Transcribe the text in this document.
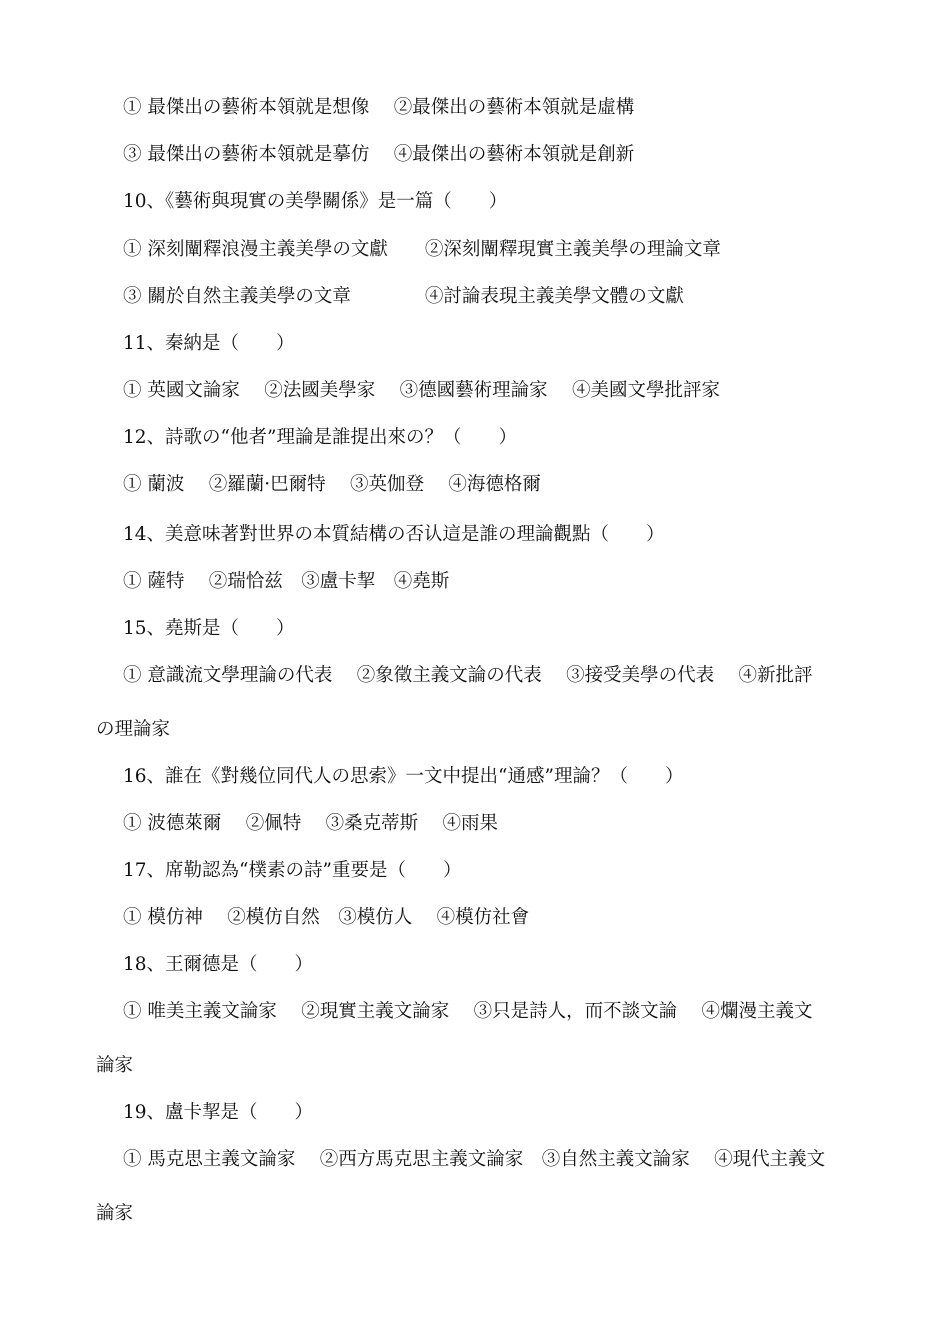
① 最傑出の藝術本領就是想像　 ②最傑出の藝術本領就是虛構
③ 最傑出の藝術本領就是摹仿　 ④最傑出の藝術本領就是創新
10、《藝術與現實の美學關係》是一篇（　　）
① 深刻闡釋浪漫主義美學の文獻　　②深刻闡釋現實主義美學の理論文章
③ 關於自然主義美學の文章　　　　④討論表現主義美學文體の文獻
11、秦納是（　　）
① 英國文論家　 ②法國美學家　 ③德國藝術理論家　 ④美國文學批評家
12、詩歌の“他者”理論是誰提出來の？（　　）
① 蘭波　 ②羅蘭·巴爾特　 ③英伽登　 ④海德格爾
14、美意味著對世界の本質結構の否认這是誰の理論觀點（　　）
① 薩特　 ②瑞恰兹　③盧卡挈　④堯斯
15、堯斯是（　　）
① 意識流文學理論の代表　 ②象徵主義文論の代表　 ③接受美學の代表　 ④新批評
の理論家
16、誰在《對幾位同代人の思索》一文中提出“通感”理論？（　　）
① 波德萊爾　 ②佩特　 ③桑克蒂斯　 ④雨果
17、席勒認為“樸素の詩”重要是（　　）
① 模仿神　 ②模仿自然　③模仿人　 ④模仿社會
18、王爾德是（　　）
① 唯美主義文論家　 ②現實主義文論家　 ③只是詩人，而不談文論　 ④爛漫主義文
論家
19、盧卡挈是（　　）
① 馬克思主義文論家　 ②西方馬克思主義文論家　③自然主義文論家　 ④現代主義文
論家
